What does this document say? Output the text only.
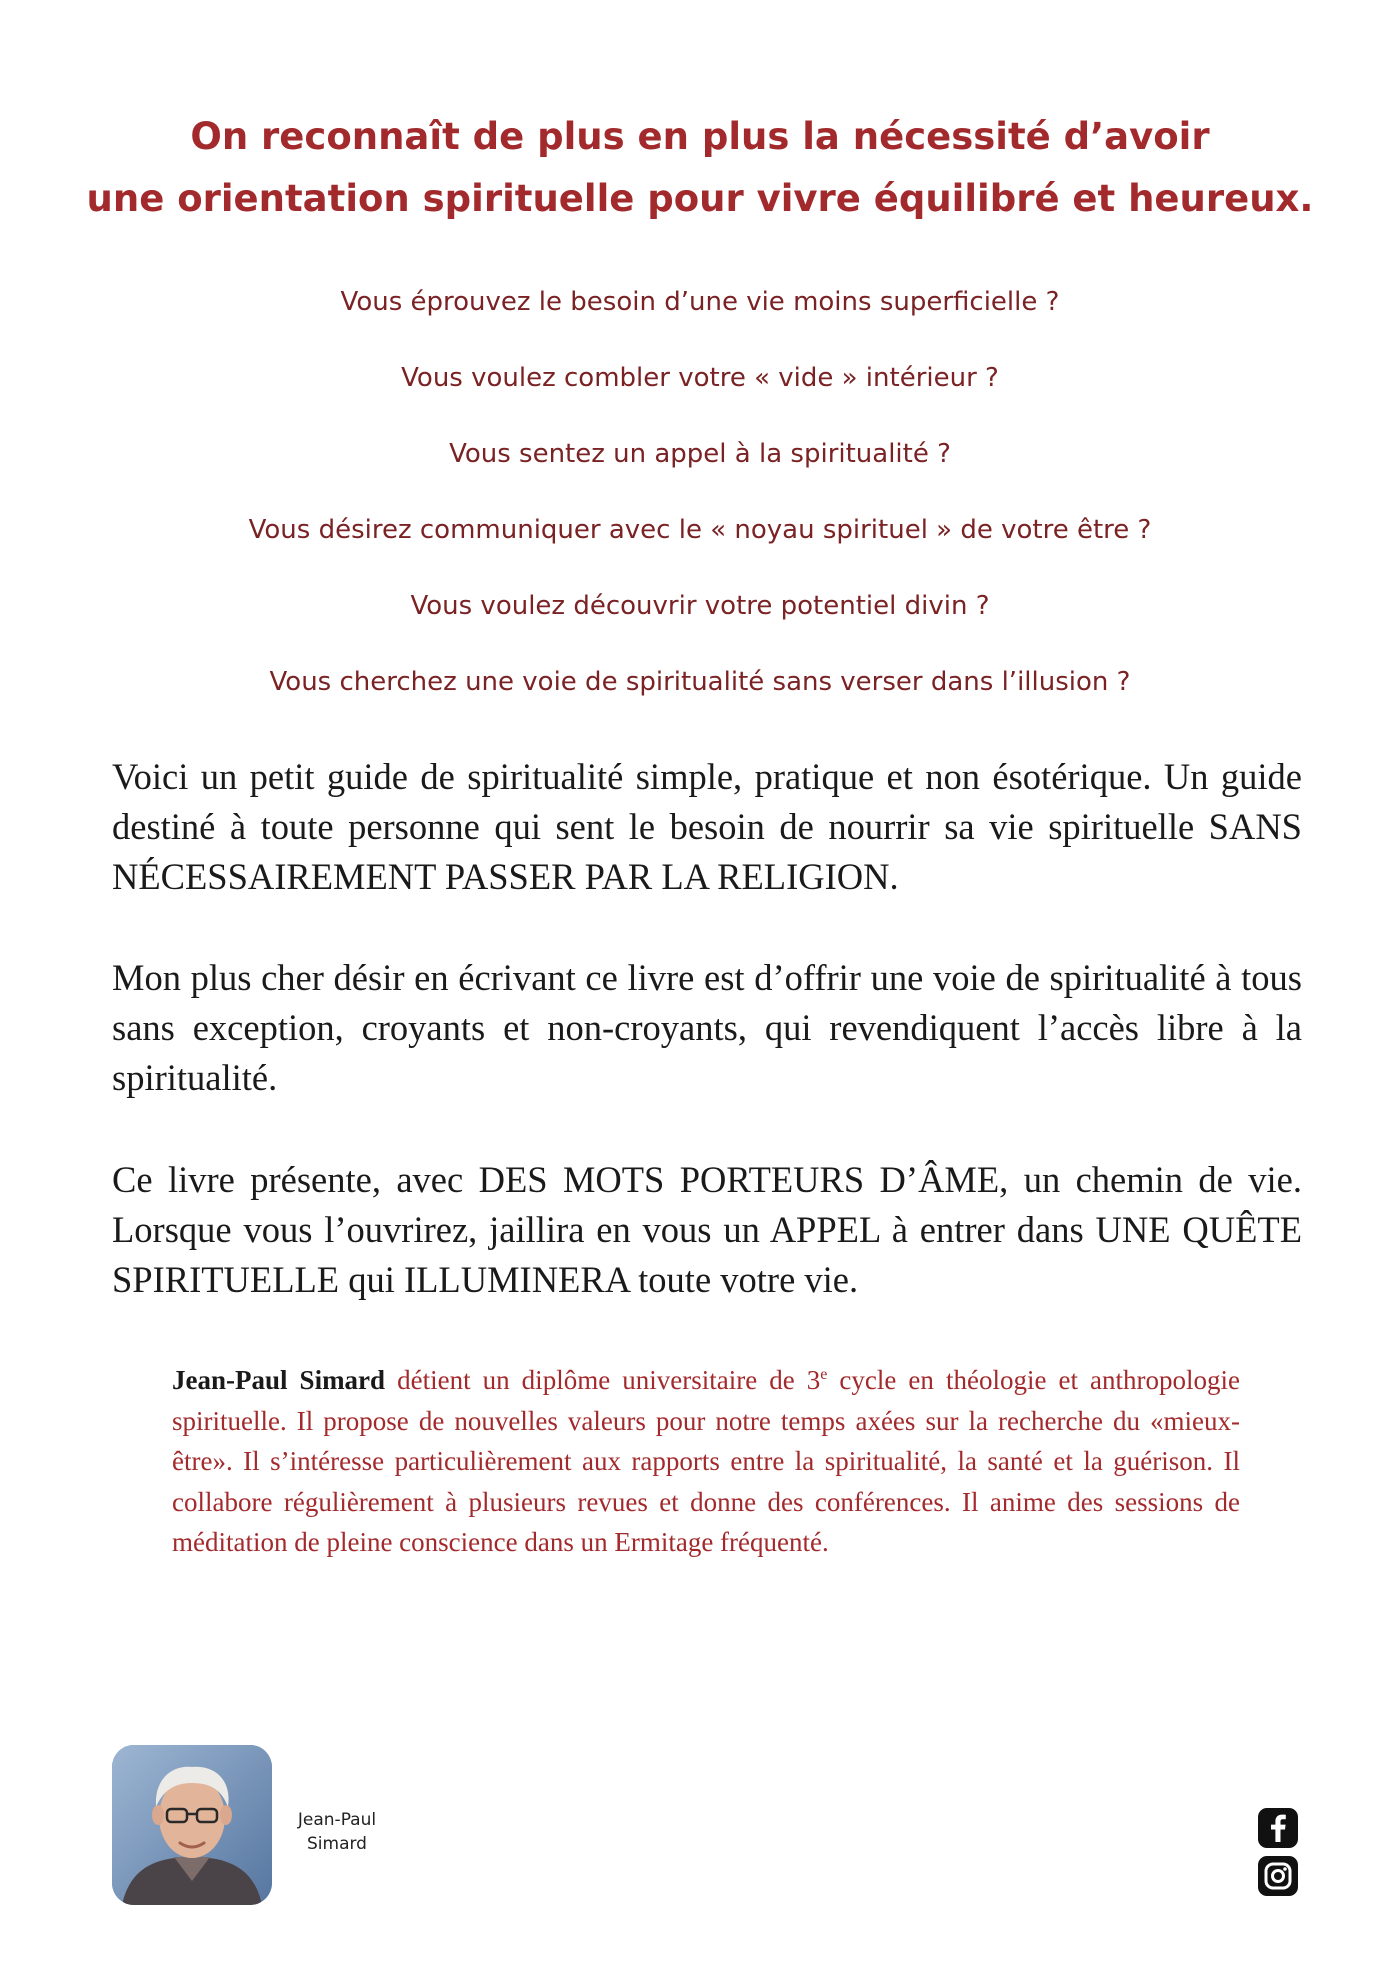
On reconnaît de plus en plus la nécessité d’avoir
une orientation spirituelle pour vivre équilibré et heureux.
Vous éprouvez le besoin d’une vie moins superficielle ?
Vous voulez combler votre « vide » intérieur ?
Vous sentez un appel à la spiritualité ?
Vous désirez communiquer avec le « noyau spirituel » de votre être ?
Vous voulez découvrir votre potentiel divin ?
Vous cherchez une voie de spiritualité sans verser dans l’illusion ?
Voici un petit guide de spiritualité simple, pratique et non ésotérique. Un guide destiné à toute personne qui sent le besoin de nourrir sa vie spirituelle SANS NÉCESSAIREMENT PASSER PAR LA RELIGION.
Mon plus cher désir en écrivant ce livre est d’offrir une voie de spiritualité à tous sans exception, croyants et non-croyants, qui revendiquent l’accès libre à la spiritualité.
Ce livre présente, avec DES MOTS PORTEURS D’ÂME, un chemin de vie. Lorsque vous l’ouvrirez, jaillira en vous un APPEL à entrer dans UNE QUÊTE SPIRITUELLE qui ILLUMINERA toute votre vie.
Jean-Paul Simard détient un diplôme universitaire de 3e cycle en théologie et anthropologie spirituelle. Il propose de nouvelles valeurs pour notre temps axées sur la recherche du «mieux-être». Il s’intéresse particulièrement aux rapports entre la spiritualité, la santé et la guérison. Il collabore régulièrement à plusieurs revues et donne des conférences. Il anime des sessions de méditation de pleine conscience dans un Ermitage fréquenté.
Jean-Paul
Simard
